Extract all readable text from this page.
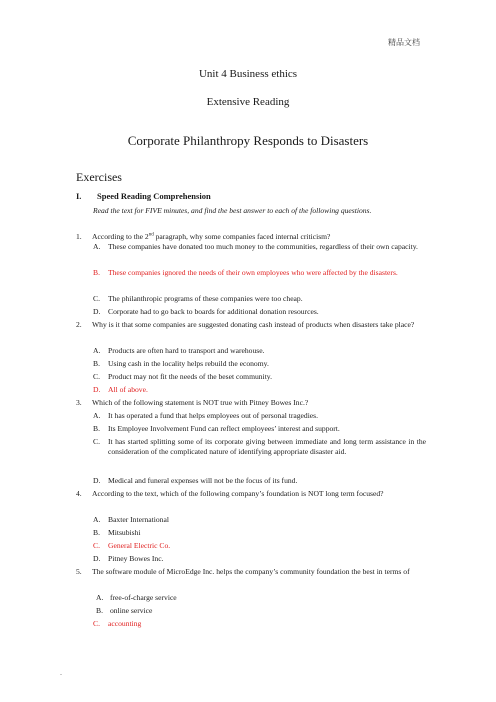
精品文档
Unit 4 Business ethics
Extensive Reading
Corporate Philanthropy Responds to Disasters
Exercises
I. Speed Reading Comprehension
Read the text for FIVE minutes, and find the best answer to each of the following questions.
1. According to the 2nd paragraph, why some companies faced internal criticism?
A. These companies have donated too much money to the communities, regardless of their own capacity.
B. These companies ignored the needs of their own employees who were affected by the disasters.
C. The philanthropic programs of these companies were too cheap.
D. Corporate had to go back to boards for additional donation resources.
2. Why is it that some companies are suggested donating cash instead of products when disasters take place?
A. Products are often hard to transport and warehouse.
B. Using cash in the locality helps rebuild the economy.
C. Product may not fit the needs of the beset community.
D. All of above.
3. Which of the following statement is NOT true with Pitney Bowes Inc.?
A. It has operated a fund that helps employees out of personal tragedies.
B. Its Employee Involvement Fund can reflect employees’ interest and support.
C. It has started splitting some of its corporate giving between immediate and long term assistance in the consideration of the complicated nature of identifying appropriate disaster aid.
D. Medical and funeral expenses will not be the focus of its fund.
4. According to the text, which of the following company’s foundation is NOT long term focused?
A. Baxter International
B. Mitsubishi
C. General Electric Co.
D. Pitney Bowes Inc.
5. The software module of MicroEdge Inc. helps the company’s community foundation the best in terms of
A. free-of-charge service
B. online service
C. accounting
.
